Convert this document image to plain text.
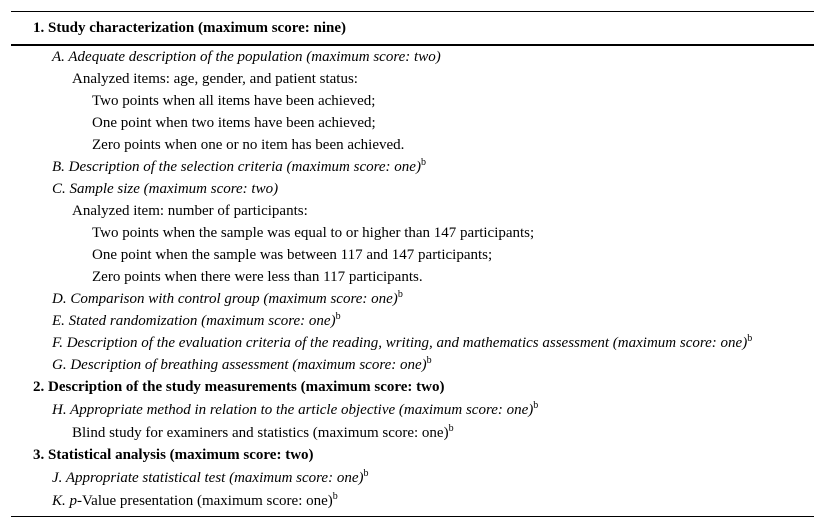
1. Study characterization (maximum score: nine)
A. Adequate description of the population (maximum score: two)
Analyzed items: age, gender, and patient status:
Two points when all items have been achieved;
One point when two items have been achieved;
Zero points when one or no item has been achieved.
B. Description of the selection criteria (maximum score: one)$^b$
C. Sample size (maximum score: two)
Analyzed item: number of participants:
Two points when the sample was equal to or higher than 147 participants;
One point when the sample was between 117 and 147 participants;
Zero points when there were less than 117 participants.
D. Comparison with control group (maximum score: one)$^b$
E. Stated randomization (maximum score: one)$^b$
F. Description of the evaluation criteria of the reading, writing, and mathematics assessment (maximum score: one)$^b$
G. Description of breathing assessment (maximum score: one)$^b$
2. Description of the study measurements (maximum score: two)
H. Appropriate method in relation to the article objective (maximum score: one)$^b$
Blind study for examiners and statistics (maximum score: one)$^b$
3. Statistical analysis (maximum score: two)
J. Appropriate statistical test (maximum score: one)$^b$
K. p-Value presentation (maximum score: one)$^b$
